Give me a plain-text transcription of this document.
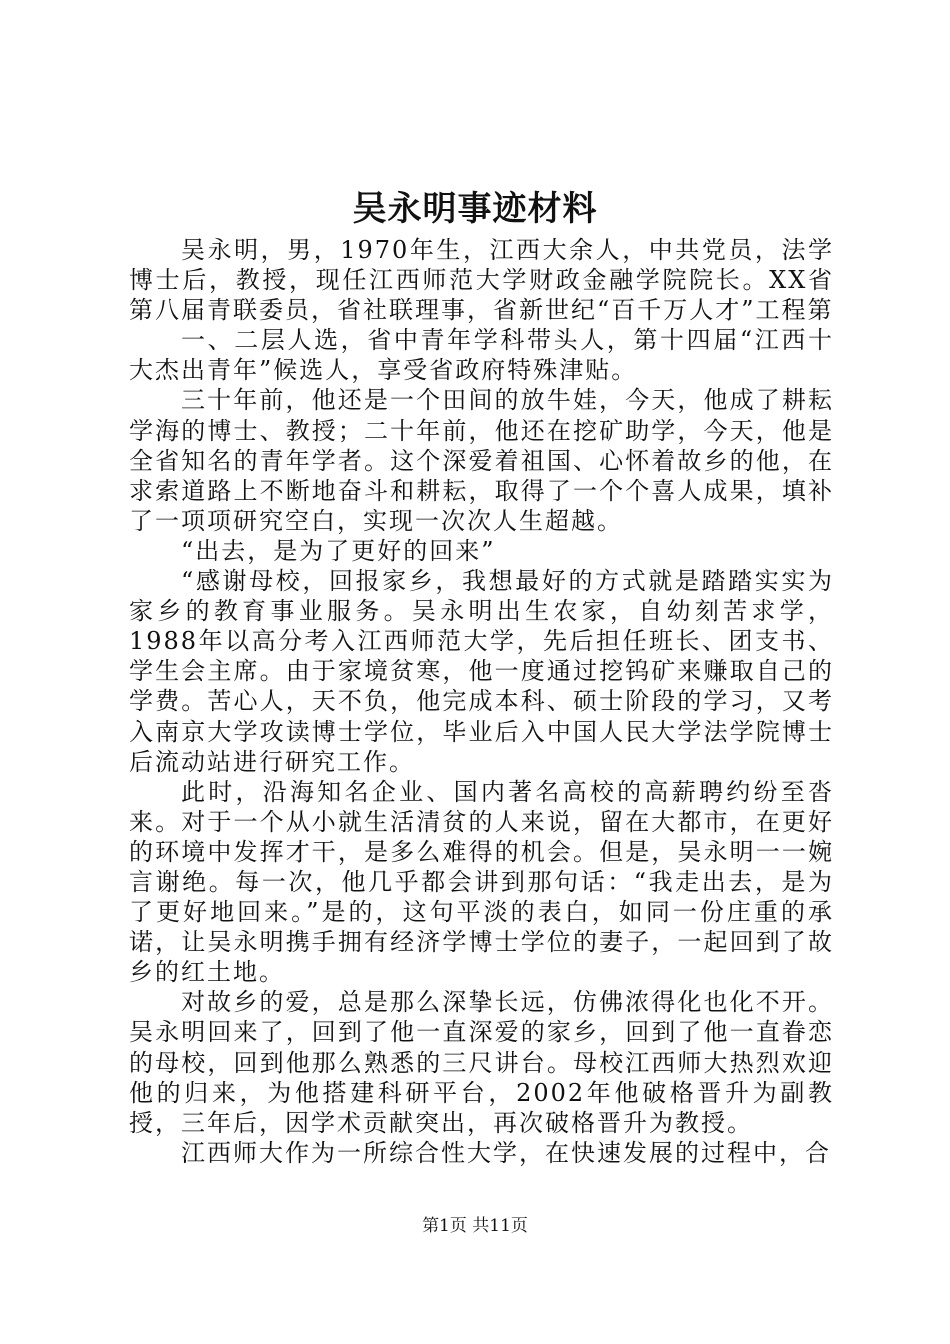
吴永明事迹材料

吴永明，男，1970年生，江西大余人，中共党员，法学博士后，教授，现任江西师范大学财政金融学院院长。XX省第八届青联委员，省社联理事，省新世纪“百千万人才”工程第

一、二层人选，省中青年学科带头人，第十四届“江西十大杰出青年”候选人，享受省政府特殊津贴。

三十年前，他还是一个田间的放牛娃，今天，他成了耕耘学海的博士、教授；二十年前，他还在挖矿助学，今天，他是全省知名的青年学者。这个深爱着祖国、心怀着故乡的他，在求索道路上不断地奋斗和耕耘，取得了一个个喜人成果，填补了一项项研究空白，实现一次次人生超越。

“出去，是为了更好的回来”

“感谢母校，回报家乡，我想最好的方式就是踏踏实实为家乡的教育事业服务。吴永明出生农家，自幼刻苦求学，1988年以高分考入江西师范大学，先后担任班长、团支书、学生会主席。由于家境贫寒，他一度通过挖钨矿来赚取自己的学费。苦心人，天不负，他完成本科、硕士阶段的学习，又考入南京大学攻读博士学位，毕业后入中国人民大学法学院博士后流动站进行研究工作。

此时，沿海知名企业、国内著名高校的高薪聘约纷至沓来。对于一个从小就生活清贫的人来说，留在大都市，在更好的环境中发挥才干，是多么难得的机会。但是，吴永明一一婉言谢绝。每一次，他几乎都会讲到那句话：“我走出去，是为了更好地回来。”是的，这句平淡的表白，如同一份庄重的承诺，让吴永明携手拥有经济学博士学位的妻子，一起回到了故乡的红土地。

对故乡的爱，总是那么深挚长远，仿佛浓得化也化不开。吴永明回来了，回到了他一直深爱的家乡，回到了他一直眷恋的母校，回到他那么熟悉的三尺讲台。母校江西师大热烈欢迎他的归来，为他搭建科研平台，2002年他破格晋升为副教授，三年后，因学术贡献突出，再次破格晋升为教授。

江西师大作为一所综合性大学，在快速发展的过程中，合

第1页 共11页
